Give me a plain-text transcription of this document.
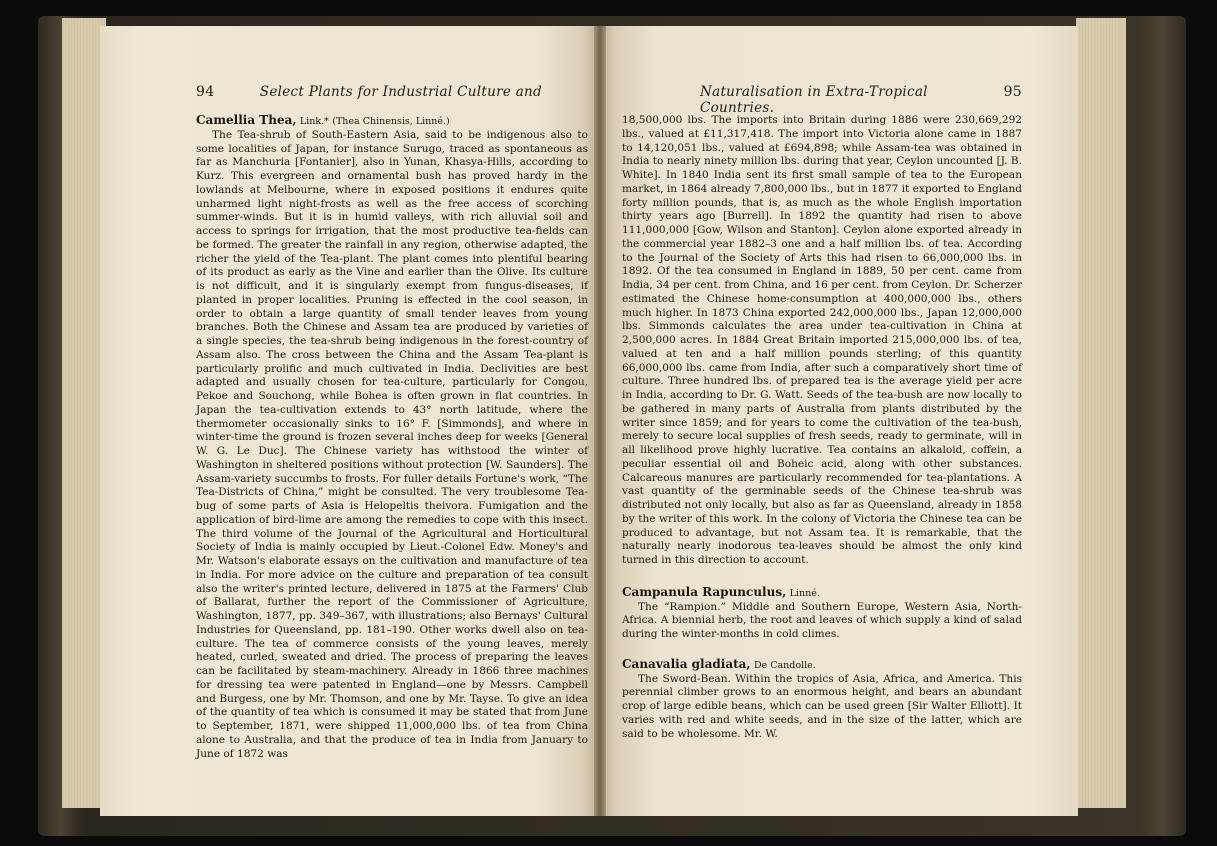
94	Select Plants for Industrial Culture and
Camellia Thea, Link.* (Thea Chinensis, Linné.)

The Tea-shrub of South-Eastern Asia, said to be indigenous also to some localities of Japan, for instance Surugo, traced as spontaneous as far as Manchuria [Fontanier], also in Yunan, Khasya-Hills, according to Kurz. This evergreen and ornamental bush has proved hardy in the lowlands at Melbourne, where in exposed positions it endures quite unharmed light night-frosts as well as the free access of scorching summer-winds. But it is in humid valleys, with rich alluvial soil and access to springs for irrigation, that the most productive tea-fields can be formed. The greater the rainfall in any region, otherwise adapted, the richer the yield of the Tea-plant. The plant comes into plentiful bearing of its product as early as the Vine and earlier than the Olive. Its culture is not difficult, and it is singularly exempt from fungus-diseases, if planted in proper localities. Pruning is effected in the cool season, in order to obtain a large quantity of small tender leaves from young branches. Both the Chinese and Assam tea are produced by varieties of a single species, the tea-shrub being indigenous in the forest-country of Assam also. The cross between the China and the Assam Tea-plant is particularly prolific and much cultivated in India. Declivities are best adapted and usually chosen for tea-culture, particularly for Congou, Pekoe and Souchong, while Bohea is often grown in flat countries. In Japan the tea-cultivation extends to 43° north latitude, where the thermometer occasionally sinks to 16° F. [Simmonds], and where in winter-time the ground is frozen several inches deep for weeks [General W. G. Le Duc]. The Chinese variety has withstood the winter of Washington in sheltered positions without protection [W. Saunders]. The Assam-variety succumbs to frosts. For fuller details Fortune's work, “The Tea-Districts of China,” might be consulted. The very troublesome Tea-bug of some parts of Asia is Helopeltis theivora. Fumigation and the application of bird-lime are among the remedies to cope with this insect. The third volume of the Journal of the Agricultural and Horticultural Society of India is mainly occupied by Lieut.-Colonel Edw. Money's and Mr. Watson's elaborate essays on the cultivation and manufacture of tea in India. For more advice on the culture and preparation of tea consult also the writer's printed lecture, delivered in 1875 at the Farmers' Club of Ballarat, further the report of the Commissioner of Agriculture, Washington, 1877, pp. 349–367, with illustrations; also Bernays' Cultural Industries for Queensland, pp. 181–190. Other works dwell also on tea-culture. The tea of commerce consists of the young leaves, merely heated, curled, sweated and dried. The process of preparing the leaves can be facilitated by steam-machinery. Already in 1866 three machines for dressing tea were patented in England—one by Messrs. Campbell and Burgess, one by Mr. Thomson, and one by Mr. Tayse. To give an idea of the quantity of tea which is consumed it may be stated that from June to September, 1871, were shipped 11,000,000 lbs. of tea from China alone to Australia, and that the produce of tea in India from January to June of 1872 was

Naturalisation in Extra-Tropical Countries.
95

18,500,000 lbs. The imports into Britain during 1886 were 230,669,292 lbs., valued at £11,317,418. The import into Victoria alone came in 1887 to 14,120,051 lbs., valued at £694,898; while Assam-tea was obtained in India to nearly ninety million lbs. during that year, Ceylon uncounted [J. B. White]. In 1840 India sent its first small sample of tea to the European market, in 1864 already 7,800,000 lbs., but in 1877 it exported to England forty million pounds, that is, as much as the whole English importation thirty years ago [Burrell]. In 1892 the quantity had risen to above 111,000,000 [Gow, Wilson and Stanton]. Ceylon alone exported already in the commercial year 1882–3 one and a half million lbs. of tea. According to the Journal of the Society of Arts this had risen to 66,000,000 lbs. in 1892. Of the tea consumed in England in 1889, 50 per cent. came from India, 34 per cent. from China, and 16 per cent. from Ceylon. Dr. Scherzer estimated the Chinese home-consumption at 400,000,000 lbs., others much higher. In 1873 China exported 242,000,000 lbs., Japan 12,000,000 lbs. Simmonds calculates the area under tea-cultivation in China at 2,500,000 acres. In 1884 Great Britain imported 215,000,000 lbs. of tea, valued at ten and a half million pounds sterling; of this quantity 66,000,000 lbs. came from India, after such a comparatively short time of culture. Three hundred lbs. of prepared tea is the average yield per acre in India, according to Dr. G. Watt. Seeds of the tea-bush are now locally to be gathered in many parts of Australia from plants distributed by the writer since 1859; and for years to come the cultivation of the tea-bush, merely to secure local supplies of fresh seeds, ready to germinate, will in all likelihood prove highly lucrative. Tea contains an alkaloid, coffein, a peculiar essential oil and Boheic acid, along with other substances. Calcareous manures are particularly recommended for tea-plantations. A vast quantity of the germinable seeds of the Chinese tea-shrub was distributed not only locally, but also as far as Queensland, already in 1858 by the writer of this work. In the colony of Victoria the Chinese tea can be produced to advantage, but not Assam tea. It is remarkable, that the naturally nearly inodorous tea-leaves should be almost the only kind turned in this direction to account.

Campanula Rapunculus, Linné.

The “Rampion.” Middle and Southern Europe, Western Asia, North-Africa. A biennial herb, the root and leaves of which supply a kind of salad during the winter-months in cold climes.

Canavalia gladiata, De Candolle.

The Sword-Bean. Within the tropics of Asia, Africa, and America. This perennial climber grows to an enormous height, and bears an abundant crop of large edible beans, which can be used green [Sir Walter Elliott]. It varies with red and white seeds, and in the size of the latter, which are said to be wholesome. Mr. W.
